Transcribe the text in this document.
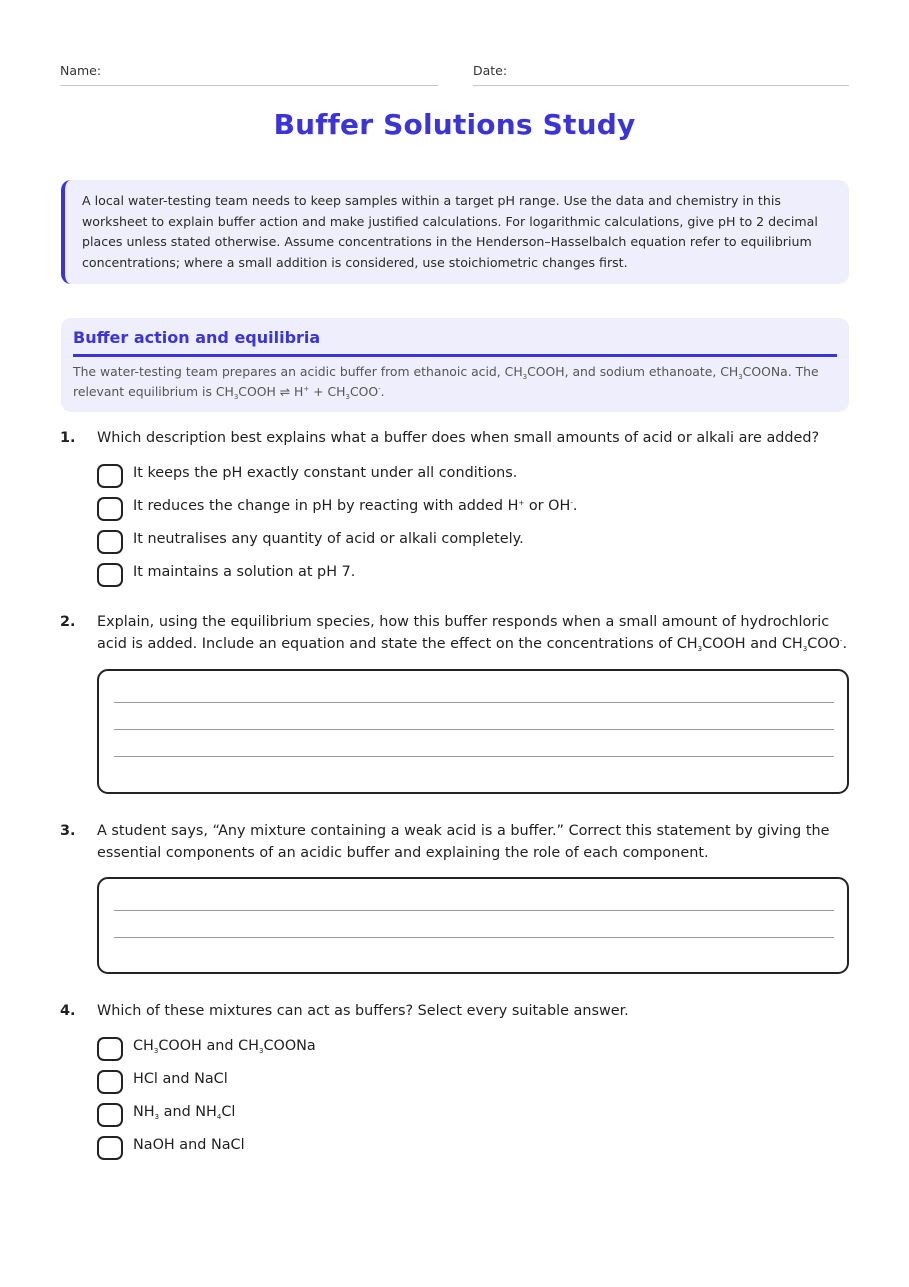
Name:	Date:
Buffer Solutions Study
A local water-testing team needs to keep samples within a target pH range. Use the data and chemistry in this worksheet to explain buffer action and make justified calculations. For logarithmic calculations, give pH to 2 decimal places unless stated otherwise. Assume concentrations in the Henderson–Hasselbalch equation refer to equilibrium concentrations; where a small addition is considered, use stoichiometric changes first.
Buffer action and equilibria
The water-testing team prepares an acidic buffer from ethanoic acid, $CH_3COOH$, and sodium ethanoate, $CH_3COONa$. The relevant equilibrium is $CH_3COOH$ ⇌ $H^+ + CH_3COO^-$.
1. Which description best explains what a buffer does when small amounts of acid or alkali are added?
It keeps the pH exactly constant under all conditions.
It reduces the change in pH by reacting with added H+ or OH-.
It neutralises any quantity of acid or alkali completely.
It maintains a solution at pH 7.
2. Explain, using the equilibrium species, how this buffer responds when a small amount of hydrochloric acid is added. Include an equation and state the effect on the concentrations of $CH_3COOH$ and $CH_3COO^-$.
3. A student says, “Any mixture containing a weak acid is a buffer.” Correct this statement by giving the essential components of an acidic buffer and explaining the role of each component.
4. Which of these mixtures can act as buffers? Select every suitable answer.
$CH_3COOH$ and $CH_3COONa$
HCl and NaCl
$NH_3$ and $NH_4Cl$
NaOH and NaCl
